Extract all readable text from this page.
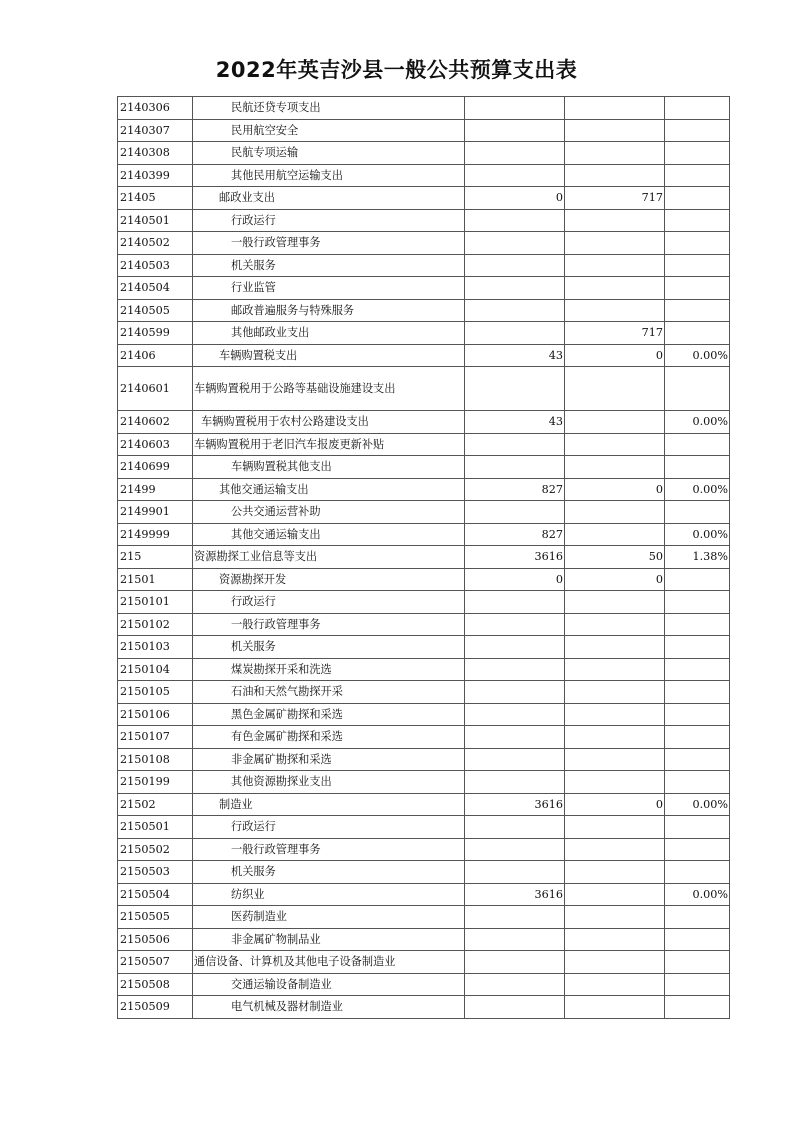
2022年英吉沙县一般公共预算支出表
2140306	民航还贷专项支出			
2140307	民用航空安全			
2140308	民航专项运输			
2140399	其他民用航空运输支出			
21405	邮政业支出	0	717	
2140501	行政运行			
2140502	一般行政管理事务			
2140503	机关服务			
2140504	行业监管			
2140505	邮政普遍服务与特殊服务			
2140599	其他邮政业支出		717	
21406	车辆购置税支出	43	0	0.00%
2140601	车辆购置税用于公路等基础设施建设支出			
2140602	车辆购置税用于农村公路建设支出	43		0.00%
2140603	车辆购置税用于老旧汽车报废更新补贴			
2140699	车辆购置税其他支出			
21499	其他交通运输支出	827	0	0.00%
2149901	公共交通运营补助			
2149999	其他交通运输支出	827		0.00%
215	资源勘探工业信息等支出	3616	50	1.38%
21501	资源勘探开发	0	0	
2150101	行政运行			
2150102	一般行政管理事务			
2150103	机关服务			
2150104	煤炭勘探开采和洗选			
2150105	石油和天然气勘探开采			
2150106	黑色金属矿勘探和采选			
2150107	有色金属矿勘探和采选			
2150108	非金属矿勘探和采选			
2150199	其他资源勘探业支出			
21502	制造业	3616	0	0.00%
2150501	行政运行			
2150502	一般行政管理事务			
2150503	机关服务			
2150504	纺织业	3616		0.00%
2150505	医药制造业			
2150506	非金属矿物制品业			
2150507	通信设备、计算机及其他电子设备制造业			
2150508	交通运输设备制造业			
2150509	电气机械及器材制造业			
